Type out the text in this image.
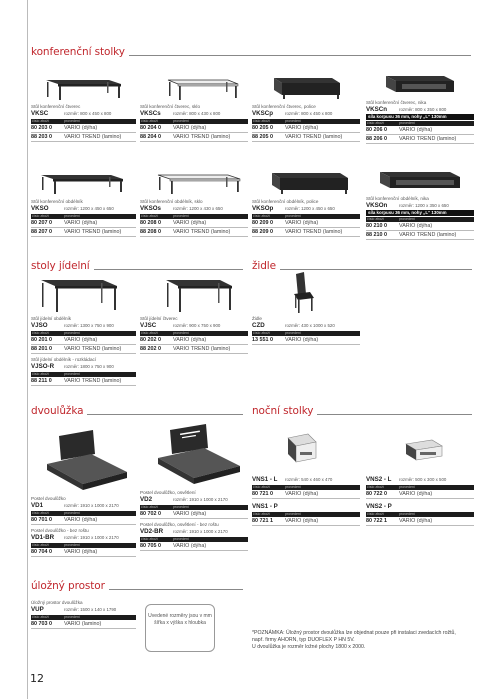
konferenční stolky
Stůl konferenční čtverec
VKSC	rozměr: 800 x 450 x 800
číslo zboží	provedení
80 203 0	VARIO (dýha)
88 203 0	VARIO TREND (lamino)
Stůl konferenční čtverec, sklo
VKSCs	rozměr: 800 x 430 x 800
číslo zboží	provedení
80 204 0	VARIO (dýha)
88 204 0	VARIO TREND (lamino)
Stůl konferenční čtverec, police
VKSCp	rozměr: 800 x 450 x 800
číslo zboží	provedení
80 205 0	VARIO (dýha)
88 205 0	VARIO TREND (lamino)
Stůl konferenční čtverec, nika
VKSCn	rozměr: 800 x 350 x 800
síla korpusu 36 mm, nohy „L“ 130mm
číslo zboží	provedení
80 206 0	VARIO (dýha)
88 206 0	VARIO TREND (lamino)
Stůl konferenční obdélník
VKSO	rozměr: 1200 x 450 x 650
číslo zboží	provedení
80 207 0	VARIO (dýha)
88 207 0	VARIO TREND (lamino)
Stůl konferenční obdélník, sklo
VKSOs	rozměr: 1200 x 430 x 650
číslo zboží	provedení
80 208 0	VARIO (dýha)
88 208 0	VARIO TREND (lamino)
Stůl konferenční obdélník, police
VKSOp	rozměr: 1200 x 450 x 650
číslo zboží	provedení
80 209 0	VARIO (dýha)
88 209 0	VARIO TREND (lamino)
Stůl konferenční obdélník, nika
VKSOn	rozměr: 1200 x 350 x 650
síla korpusu 36 mm, nohy „L“ 130mm
číslo zboží	provedení
80 210 0	VARIO (dýha)
88 210 0	VARIO TREND (lamino)
stoly jídelní	židle
Stůl jídelní obdélník
VJSO	rozměr: 1300 x 750 x 900
číslo zboží	provedení
80 201 0	VARIO (dýha)
88 201 0	VARIO TREND (lamino)
Stůl jídelní obdélník - rozkládací
VJSO-R	rozměr: 1800 x 750 x 900
číslo zboží	provedení
88 211 0	VARIO TREND (lamino)
Stůl jídelní čtverec
VJSC	rozměr: 900 x 750 x 900
číslo zboží	provedení
80 202 0	VARIO (dýha)
88 202 0	VARIO TREND (lamino)
Židle
CZD	rozměr: 430 x 1000 x 520
číslo zboží	provedení
13 551 0	VARIO (dýha)
dvoulůžka	noční stolky
Postel dvoulůžko
VD1	rozměr: 1910 x 1000 x 2170
číslo zboží	provedení
80 701 0	VARIO (dýha)
Postel dvoulůžko - bez roštu
VD1-BR	rozměr: 1910 x 1000 x 2170
číslo zboží	provedení
80 704 0	VARIO (dýha)
Postel dvoulůžko, osvětlení
VD2	rozměr: 1910 x 1000 x 2170
číslo zboží	provedení
80 702 0	VARIO (dýha)
Postel dvoulůžko, osvětlení - bez roštu
VD2-BR	rozměr: 1910 x 1000 x 2170
číslo zboží	provedení
80 705 0	VARIO (dýha)
VNS1 - L	rozměr: 540 x 460 x 470
číslo zboží	provedení
80 721 0	VARIO (dýha)
VNS1 - P
číslo zboží	provedení
80 721 1	VARIO (dýha)
VNS2 - L	rozměr: 500 x 300 x 500
číslo zboží	provedení
80 722 0	VARIO (dýha)
VNS2 - P
číslo zboží	provedení
80 722 1	VARIO (dýha)
úložný prostor
Úložný prostor dvoulůžka
VUP	rozměr: 1500 x 140 x 1790
číslo zboží	provedení
80 703 0	VARIO (lamino)
Uvedené rozměry jsou v mm šířka x výška x hloubka
*POZNÁMKA: Úložný prostor dvoulůžka lze objednat pouze při instalaci zvedacích rožtů,
např. firmy AHORN, typ DUOFLEX P HN 5V.
U dvoulůžka je rozměr ložné plochy 1800 x 2000.
12
